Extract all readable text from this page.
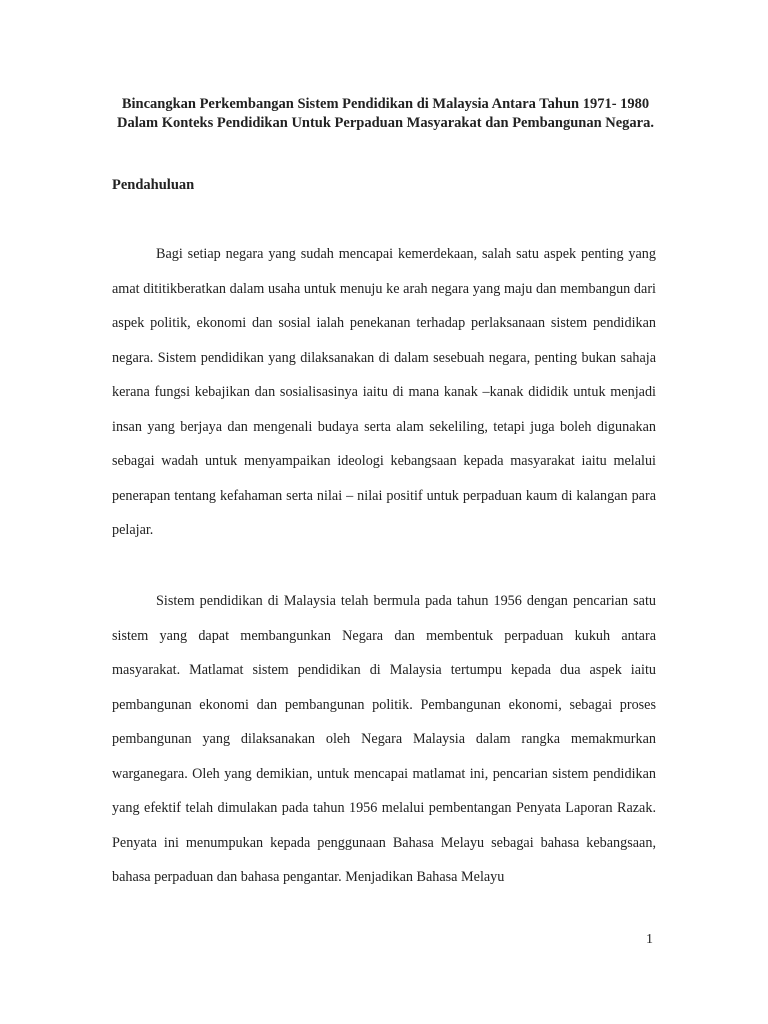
Bincangkan Perkembangan Sistem Pendidikan di Malaysia Antara Tahun 1971- 1980 Dalam Konteks Pendidikan Untuk Perpaduan Masyarakat dan Pembangunan Negara.

Pendahuluan

Bagi setiap negara yang sudah mencapai kemerdekaan, salah satu aspek penting yang amat dititikberatkan dalam usaha untuk menuju ke arah negara yang maju dan membangun dari aspek politik, ekonomi dan sosial ialah penekanan terhadap perlaksanaan sistem pendidikan negara. Sistem pendidikan yang dilaksanakan di dalam sesebuah negara, penting bukan sahaja kerana fungsi kebajikan dan sosialisasinya iaitu di mana kanak –kanak dididik untuk menjadi insan yang berjaya dan mengenali budaya serta alam sekeliling, tetapi juga boleh digunakan sebagai wadah untuk menyampaikan ideologi kebangsaan kepada masyarakat iaitu melalui penerapan tentang kefahaman serta nilai – nilai positif untuk perpaduan kaum di kalangan para pelajar.

Sistem pendidikan di Malaysia telah bermula pada tahun 1956 dengan pencarian satu sistem yang dapat membangunkan Negara dan membentuk perpaduan kukuh antara masyarakat. Matlamat sistem pendidikan di Malaysia tertumpu kepada dua aspek iaitu pembangunan ekonomi dan pembangunan politik. Pembangunan ekonomi, sebagai proses pembangunan yang dilaksanakan oleh Negara Malaysia dalam rangka memakmurkan warganegara. Oleh yang demikian, untuk mencapai matlamat ini, pencarian sistem pendidikan yang efektif telah dimulakan pada tahun 1956 melalui pembentangan Penyata Laporan Razak. Penyata ini menumpukan kepada penggunaan Bahasa Melayu sebagai bahasa kebangsaan, bahasa perpaduan dan bahasa pengantar. Menjadikan Bahasa Melayu

1
